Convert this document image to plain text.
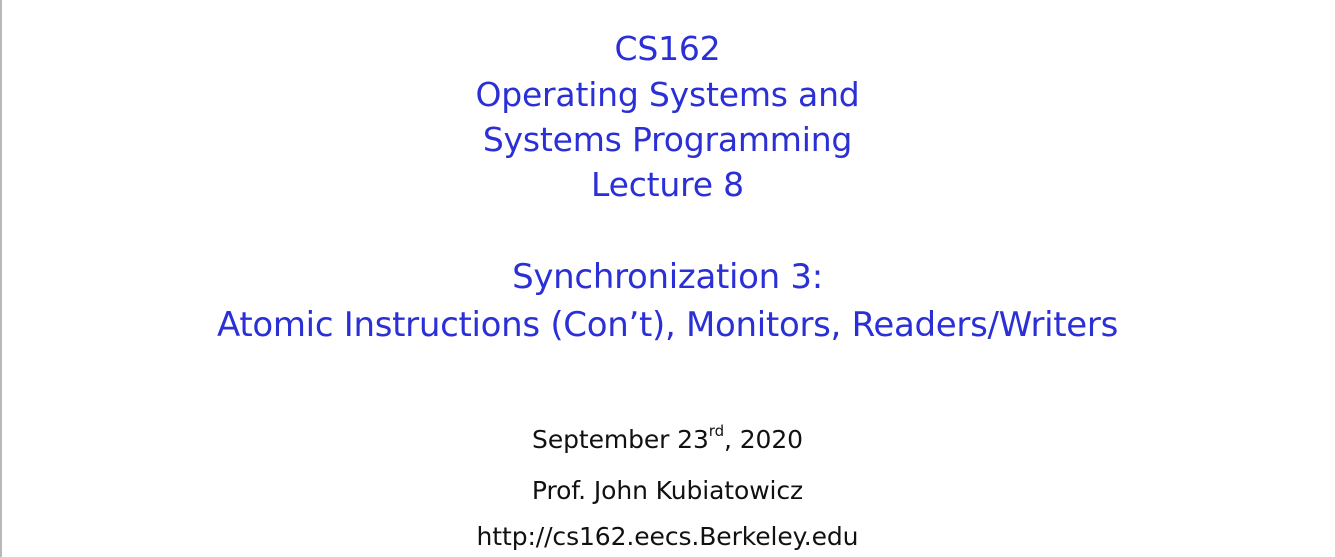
CS162
Operating Systems and
Systems Programming
Lecture 8
Synchronization 3:
Atomic Instructions (Con’t), Monitors, Readers/Writers
September 23rd, 2020
Prof. John Kubiatowicz
http://cs162.eecs.Berkeley.edu
